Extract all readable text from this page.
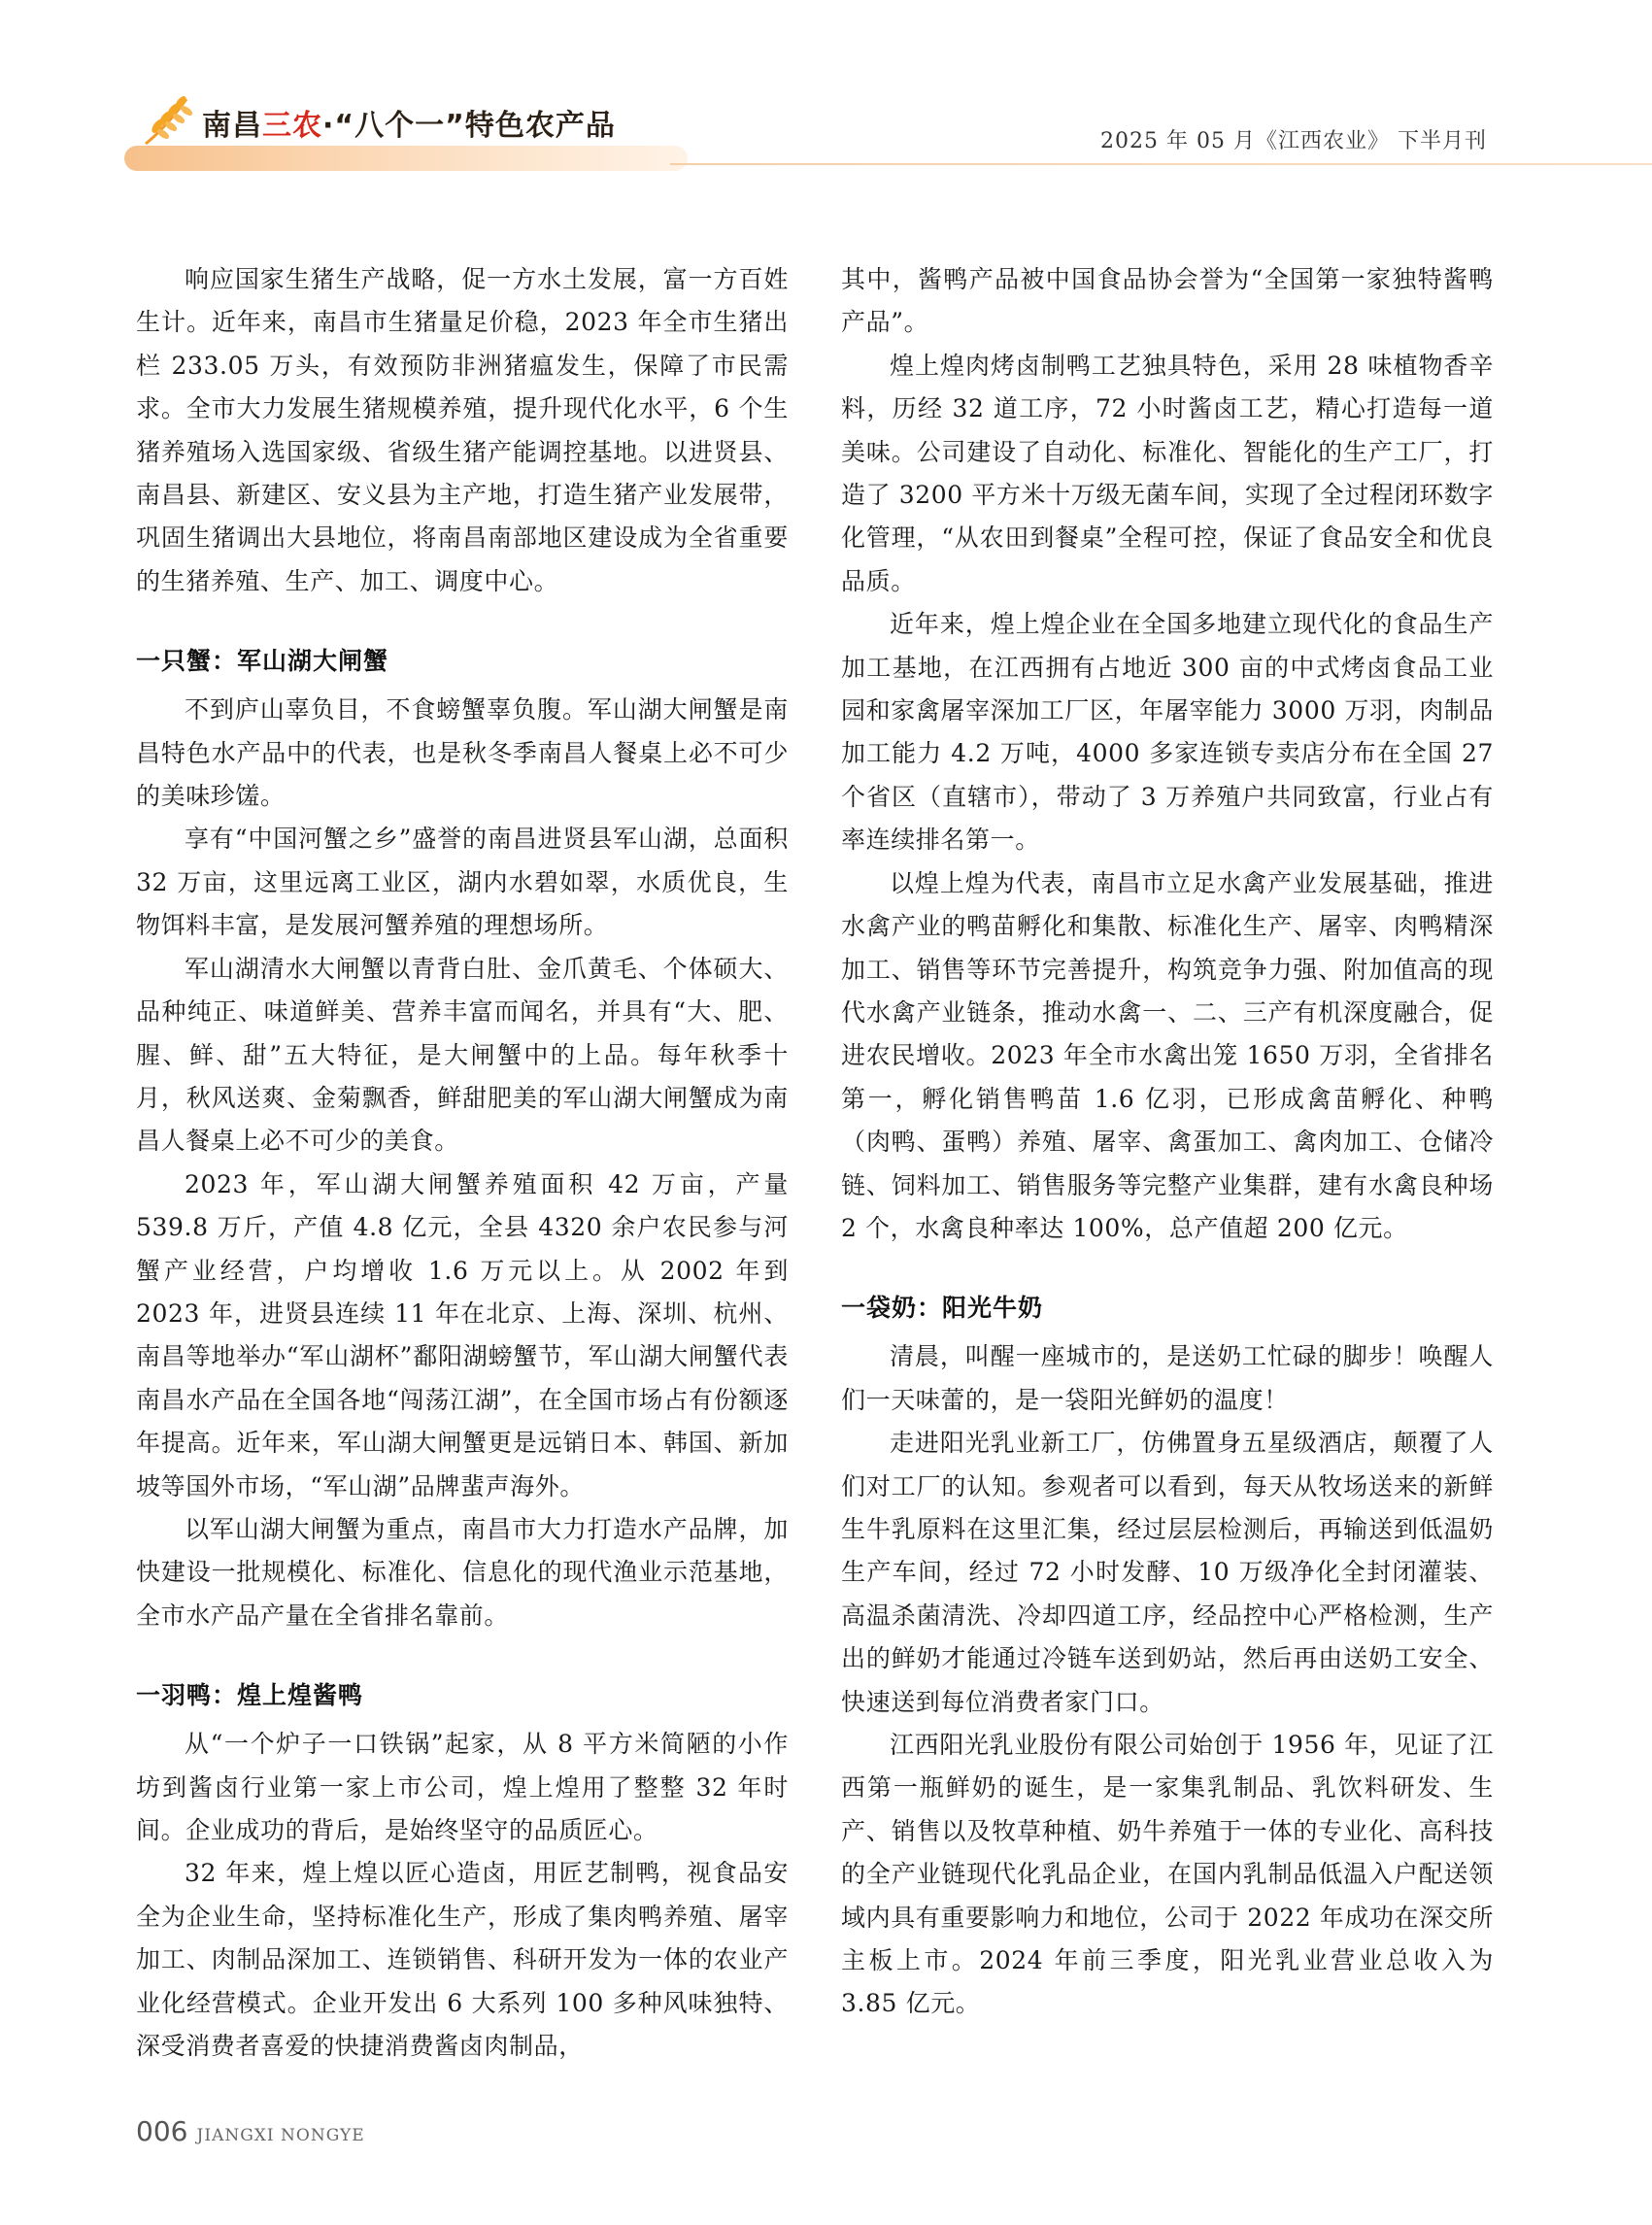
南昌三农·“八个一”特色农产品	2025 年 05 月《江西农业》 下半月刊

响应国家生猪生产战略，促一方水土发展，富一方百姓生计。近年来，南昌市生猪量足价稳，2023 年全市生猪出栏 233.05 万头，有效预防非洲猪瘟发生，保障了市民需求。全市大力发展生猪规模养殖，提升现代化水平，6 个生猪养殖场入选国家级、省级生猪产能调控基地。以进贤县、南昌县、新建区、安义县为主产地，打造生猪产业发展带，巩固生猪调出大县地位，将南昌南部地区建设成为全省重要的生猪养殖、生产、加工、调度中心。

一只蟹：军山湖大闸蟹

不到庐山辜负目，不食螃蟹辜负腹。军山湖大闸蟹是南昌特色水产品中的代表，也是秋冬季南昌人餐桌上必不可少的美味珍馐。

享有“中国河蟹之乡”盛誉的南昌进贤县军山湖，总面积 32 万亩，这里远离工业区，湖内水碧如翠，水质优良，生物饵料丰富，是发展河蟹养殖的理想场所。

军山湖清水大闸蟹以青背白肚、金爪黄毛、个体硕大、品种纯正、味道鲜美、营养丰富而闻名，并具有“大、肥、腥、鲜、甜”五大特征，是大闸蟹中的上品。每年秋季十月，秋风送爽、金菊飘香，鲜甜肥美的军山湖大闸蟹成为南昌人餐桌上必不可少的美食。

2023 年，军山湖大闸蟹养殖面积 42 万亩，产量 539.8 万斤，产值 4.8 亿元，全县 4320 余户农民参与河蟹产业经营，户均增收 1.6 万元以上。从 2002 年到 2023 年，进贤县连续 11 年在北京、上海、深圳、杭州、南昌等地举办“军山湖杯”鄱阳湖螃蟹节，军山湖大闸蟹代表南昌水产品在全国各地“闯荡江湖”，在全国市场占有份额逐年提高。近年来，军山湖大闸蟹更是远销日本、韩国、新加坡等国外市场，“军山湖”品牌蜚声海外。

以军山湖大闸蟹为重点，南昌市大力打造水产品牌，加快建设一批规模化、标准化、信息化的现代渔业示范基地，全市水产品产量在全省排名靠前。

一羽鸭：煌上煌酱鸭

从“一个炉子一口铁锅”起家，从 8 平方米简陋的小作坊到酱卤行业第一家上市公司，煌上煌用了整整 32 年时间。企业成功的背后，是始终坚守的品质匠心。

32 年来，煌上煌以匠心造卤，用匠艺制鸭，视食品安全为企业生命，坚持标准化生产，形成了集肉鸭养殖、屠宰加工、肉制品深加工、连锁销售、科研开发为一体的农业产业化经营模式。企业开发出 6 大系列 100 多种风味独特、深受消费者喜爱的快捷消费酱卤肉制品，

其中，酱鸭产品被中国食品协会誉为“全国第一家独特酱鸭产品”。

煌上煌肉烤卤制鸭工艺独具特色，采用 28 味植物香辛料，历经 32 道工序，72 小时酱卤工艺，精心打造每一道美味。公司建设了自动化、标准化、智能化的生产工厂，打造了 3200 平方米十万级无菌车间，实现了全过程闭环数字化管理，“从农田到餐桌”全程可控，保证了食品安全和优良品质。

近年来，煌上煌企业在全国多地建立现代化的食品生产加工基地，在江西拥有占地近 300 亩的中式烤卤食品工业园和家禽屠宰深加工厂区，年屠宰能力 3000 万羽，肉制品加工能力 4.2 万吨，4000 多家连锁专卖店分布在全国 27 个省区（直辖市），带动了 3 万养殖户共同致富，行业占有率连续排名第一。

以煌上煌为代表，南昌市立足水禽产业发展基础，推进水禽产业的鸭苗孵化和集散、标准化生产、屠宰、肉鸭精深加工、销售等环节完善提升，构筑竞争力强、附加值高的现代水禽产业链条，推动水禽一、二、三产有机深度融合，促进农民增收。2023 年全市水禽出笼 1650 万羽，全省排名第一，孵化销售鸭苗 1.6 亿羽，已形成禽苗孵化、种鸭（肉鸭、蛋鸭）养殖、屠宰、禽蛋加工、禽肉加工、仓储冷链、饲料加工、销售服务等完整产业集群，建有水禽良种场 2 个，水禽良种率达 100%，总产值超 200 亿元。

一袋奶：阳光牛奶

清晨，叫醒一座城市的，是送奶工忙碌的脚步！唤醒人们一天味蕾的，是一袋阳光鲜奶的温度！

走进阳光乳业新工厂，仿佛置身五星级酒店，颠覆了人们对工厂的认知。参观者可以看到，每天从牧场送来的新鲜生牛乳原料在这里汇集，经过层层检测后，再输送到低温奶生产车间，经过 72 小时发酵、10 万级净化全封闭灌装、高温杀菌清洗、冷却四道工序，经品控中心严格检测，生产出的鲜奶才能通过冷链车送到奶站，然后再由送奶工安全、快速送到每位消费者家门口。

江西阳光乳业股份有限公司始创于 1956 年，见证了江西第一瓶鲜奶的诞生，是一家集乳制品、乳饮料研发、生产、销售以及牧草种植、奶牛养殖于一体的专业化、高科技的全产业链现代化乳品企业，在国内乳制品低温入户配送领域内具有重要影响力和地位，公司于 2022 年成功在深交所主板上市。2024 年前三季度，阳光乳业营业总收入为 3.85 亿元。

006 JIANGXI NONGYE
